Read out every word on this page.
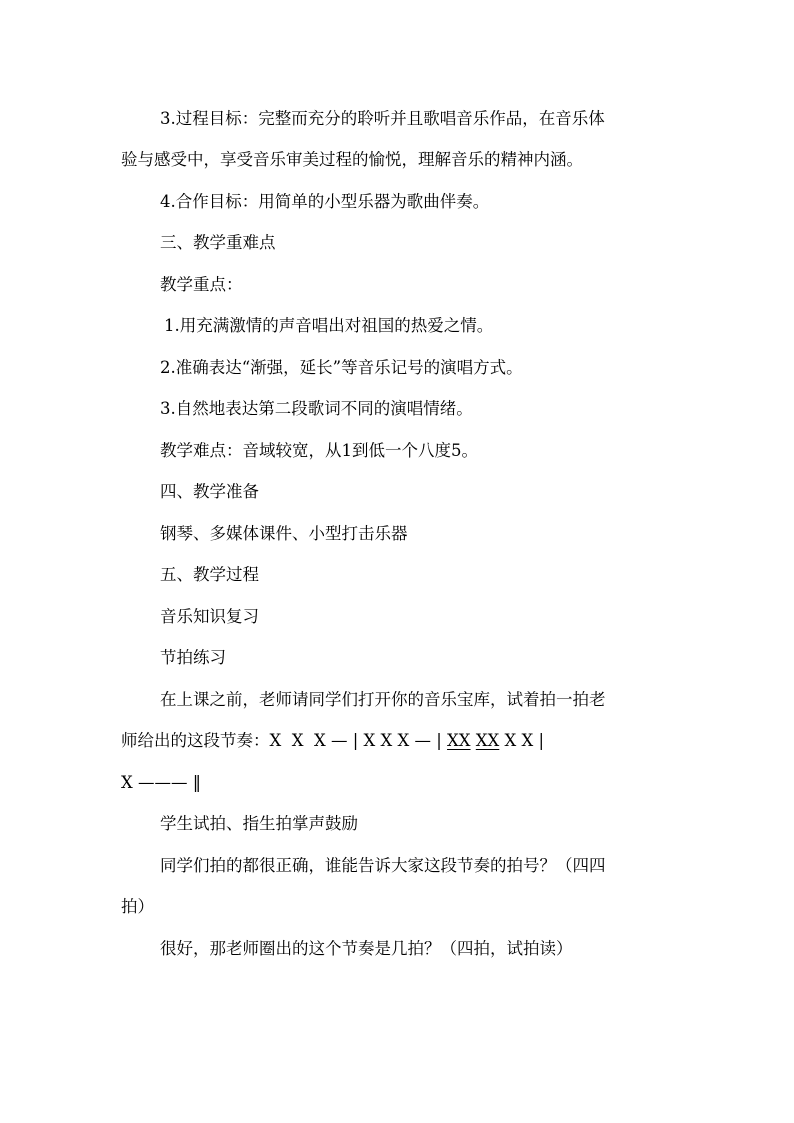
3.过程目标：完整而充分的聆听并且歌唱音乐作品，在音乐体

验与感受中，享受音乐审美过程的愉悦，理解音乐的精神内涵。

4.合作目标：用简单的小型乐器为歌曲伴奏。

三、教学重难点

教学重点：

1.用充满激情的声音唱出对祖国的热爱之情。

2.准确表达“渐强，延长”等音乐记号的演唱方式。

3.自然地表达第二段歌词不同的演唱情绪。

教学难点：音域较宽，从1到低一个八度5。

四、教学准备

钢琴、多媒体课件、小型打击乐器

五、教学过程

音乐知识复习

节拍练习

在上课之前，老师请同学们打开你的音乐宝库，试着拍一拍老

师给出的这段节奏：X  X  X — | X X X — | XX XX X X |

X ——— ‖

学生试拍、指生拍掌声鼓励

同学们拍的都很正确，谁能告诉大家这段节奏的拍号？（四四

拍）

很好，那老师圈出的这个节奏是几拍？（四拍，试拍读）
